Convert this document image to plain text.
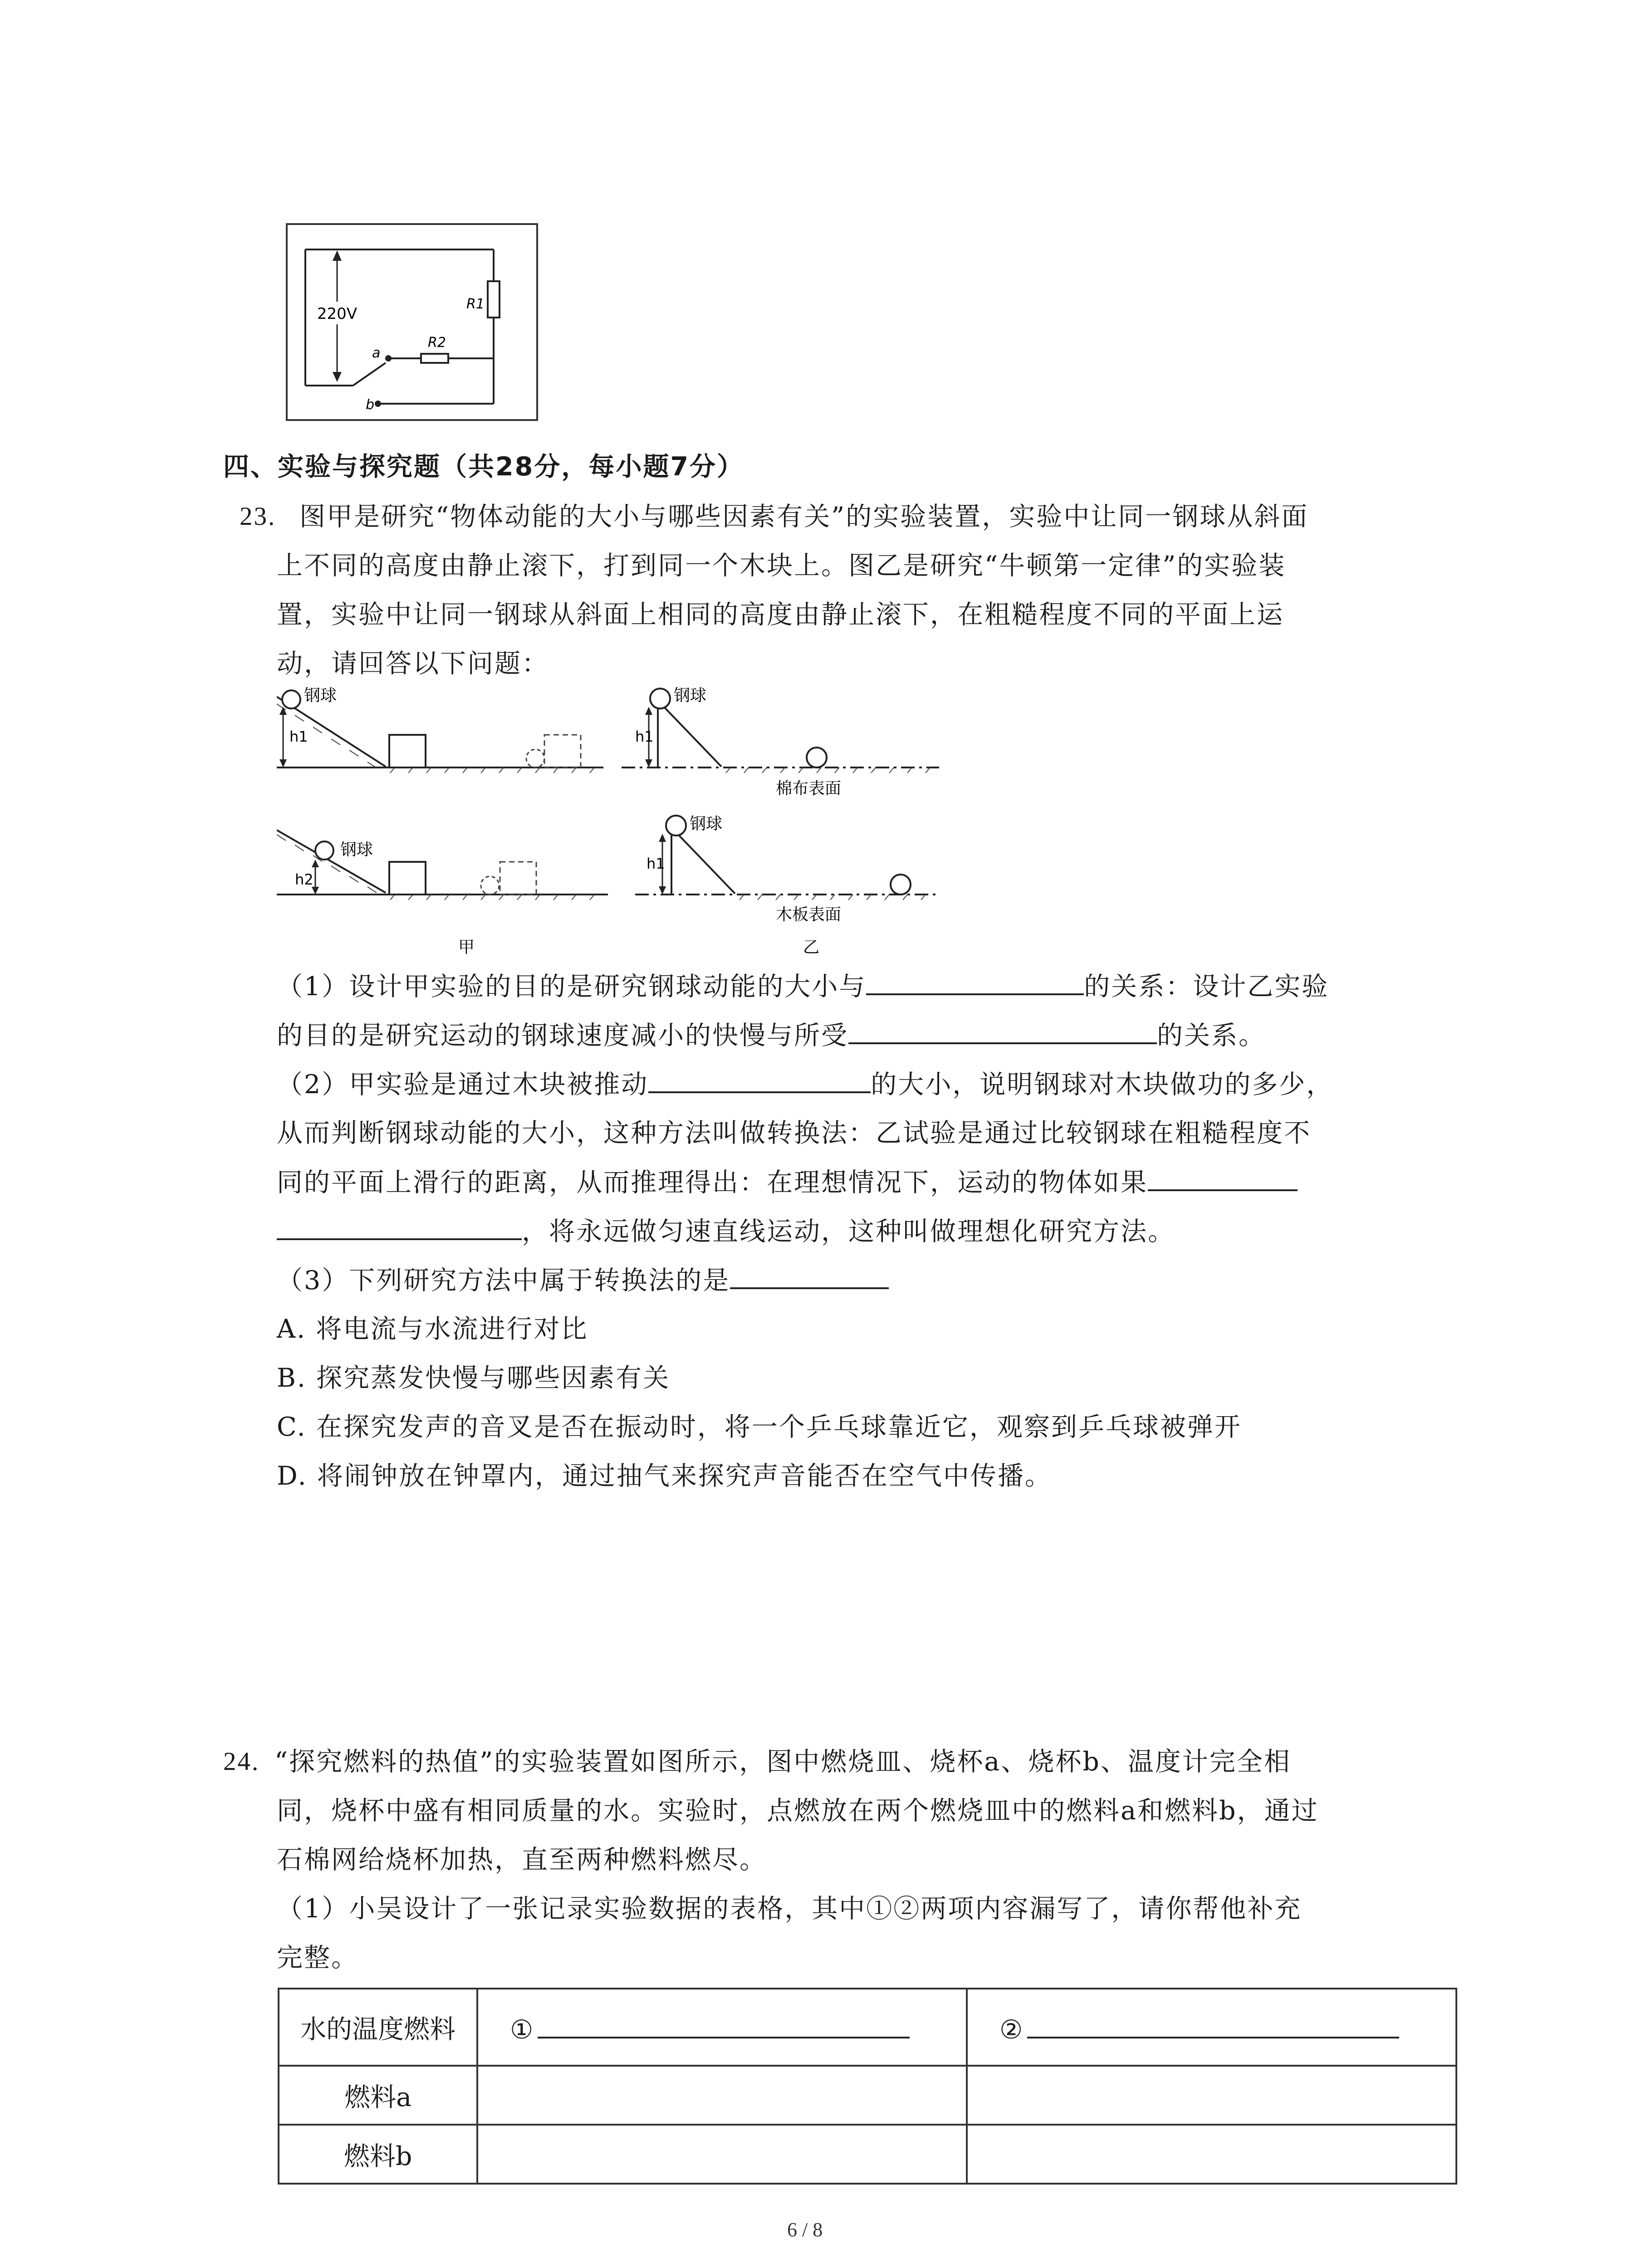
220V
R1
R2
a
b
四、实验与探究题（共28分，每小题7分）
23. 图甲是研究“物体动能的大小与哪些因素有关”的实验装置，实验中让同一钢球从斜面
上不同的高度由静止滚下，打到同一个木块上。图乙是研究“牛顿第一定律”的实验装
置，实验中让同一钢球从斜面上相同的高度由静止滚下，在粗糙程度不同的平面上运
动，请回答以下问题：
钢球
h1
钢球
h1
棉布表面
钢球
h2
甲
钢球
h1
木板表面
乙
（1）设计甲实验的目的是研究钢球动能的大小与	的关系：设计乙实验
的目的是研究运动的钢球速度减小的快慢与所受	的关系。
（2）甲实验是通过木块被推动	的大小，说明钢球对木块做功的多少，
从而判断钢球动能的大小，这种方法叫做转换法：乙试验是通过比较钢球在粗糙程度不
同的平面上滑行的距离，从而推理得出：在理想情况下，运动的物体如果
，将永远做匀速直线运动，这种叫做理想化研究方法。
（3）下列研究方法中属于转换法的是
A. 将电流与水流进行对比
B. 探究蒸发快慢与哪些因素有关
C. 在探究发声的音叉是否在振动时，将一个乒乓球靠近它，观察到乒乓球被弹开
D. 将闹钟放在钟罩内，通过抽气来探究声音能否在空气中传播。
24. “探究燃料的热值”的实验装置如图所示，图中燃烧皿、烧杯a、烧杯b、温度计完全相
同，烧杯中盛有相同质量的水。实验时，点燃放在两个燃烧皿中的燃料a和燃料b，通过
石棉网给烧杯加热，直至两种燃料燃尽。
（1）小吴设计了一张记录实验数据的表格，其中①②两项内容漏写了，请你帮他补充
完整。
水的温度燃料	①	②
燃料a		
燃料b		
6 / 8
